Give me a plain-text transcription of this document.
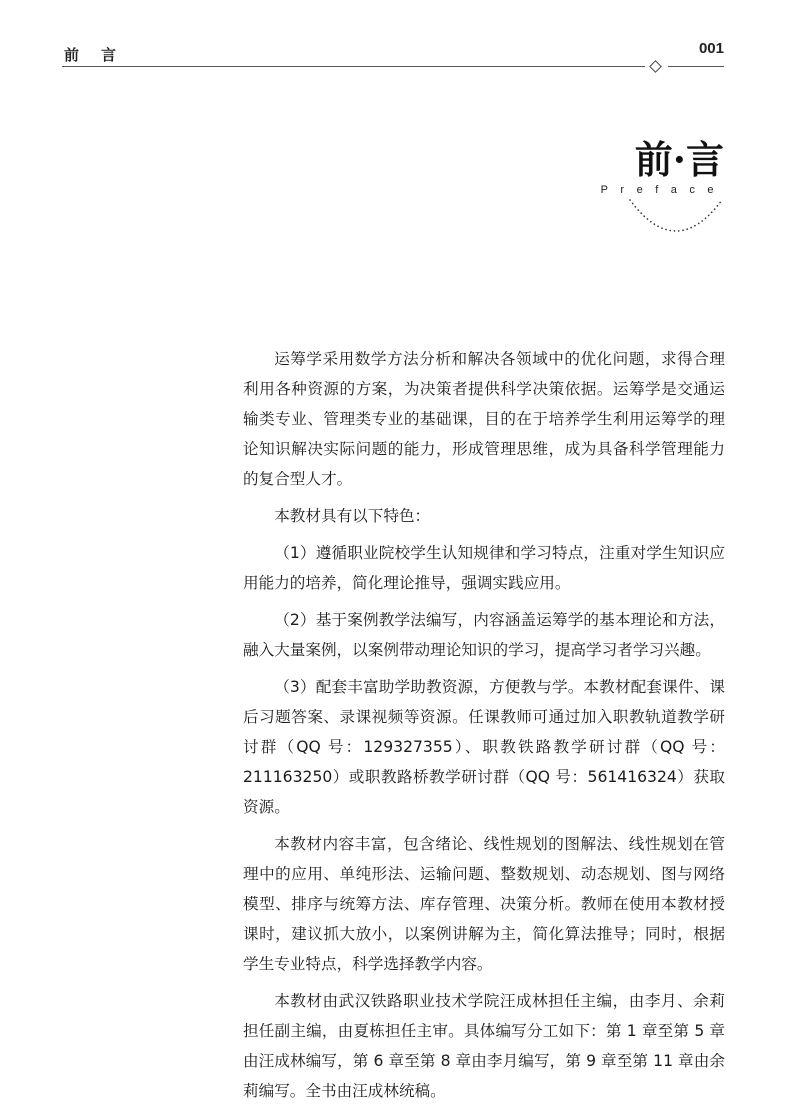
前言	001
前·言
Preface

运筹学采用数学方法分析和解决各领域中的优化问题，求得合理利用各种资源的方案，为决策者提供科学决策依据。运筹学是交通运输类专业、管理类专业的基础课，目的在于培养学生利用运筹学的理论知识解决实际问题的能力，形成管理思维，成为具备科学管理能力的复合型人才。

本教材具有以下特色：

（1）遵循职业院校学生认知规律和学习特点，注重对学生知识应用能力的培养，简化理论推导，强调实践应用。

（2）基于案例教学法编写，内容涵盖运筹学的基本理论和方法，融入大量案例，以案例带动理论知识的学习，提高学习者学习兴趣。

（3）配套丰富助学助教资源，方便教与学。本教材配套课件、课后习题答案、录课视频等资源。任课教师可通过加入职教轨道教学研讨群（QQ 号：129327355）、职教铁路教学研讨群（QQ 号：211163250）或职教路桥教学研讨群（QQ 号：561416324）获取资源。

本教材内容丰富，包含绪论、线性规划的图解法、线性规划在管理中的应用、单纯形法、运输问题、整数规划、动态规划、图与网络模型、排序与统筹方法、库存管理、决策分析。教师在使用本教材授课时，建议抓大放小，以案例讲解为主，简化算法推导；同时，根据学生专业特点，科学选择教学内容。

本教材由武汉铁路职业技术学院汪成林担任主编，由李月、余莉担任副主编，由夏栋担任主审。具体编写分工如下：第 1 章至第 5 章由汪成林编写，第 6 章至第 8 章由李月编写，第 9 章至第 11 章由余莉编写。全书由汪成林统稿。
